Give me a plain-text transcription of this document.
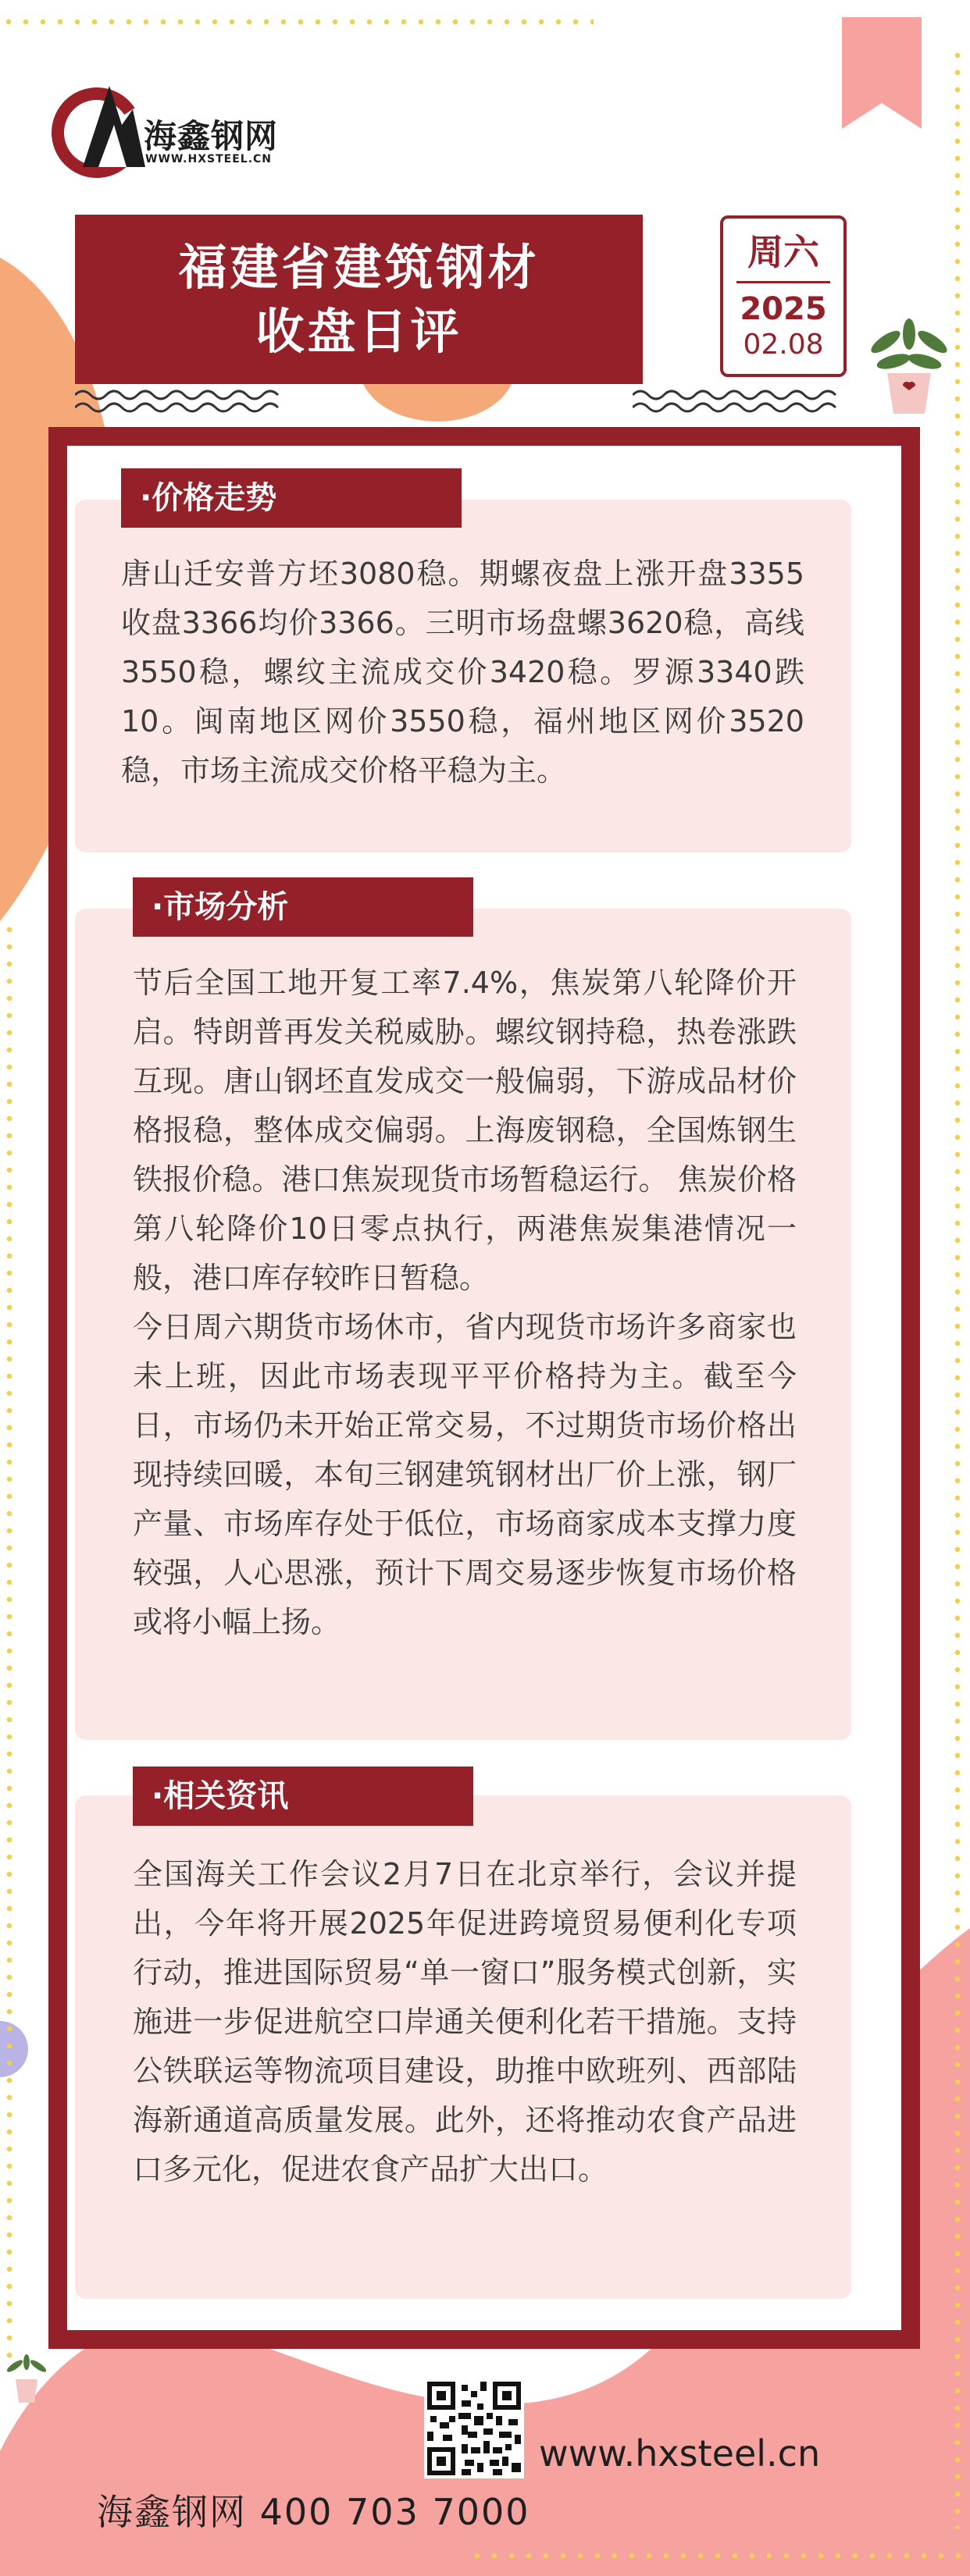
海鑫钢网
WWW.HXSTEEL.CN
福建省建筑钢材
收盘日评
周六
2025
02.08
·价格走势
唐山迁安普方坯3080稳。期螺夜盘上涨开盘3355收盘3366均价3366。三明市场盘螺3620稳，高线3550稳，螺纹主流成交价3420稳。罗源3340跌10。闽南地区网价3550稳，福州地区网价3520稳，市场主流成交价格平稳为主。
·市场分析
节后全国工地开复工率7.4%，焦炭第八轮降价开启。特朗普再发关税威胁。螺纹钢持稳，热卷涨跌互现。唐山钢坯直发成交一般偏弱，下游成品材价格报稳，整体成交偏弱。上海废钢稳，全国炼钢生铁报价稳。港口焦炭现货市场暂稳运行。 焦炭价格第八轮降价10日零点执行，两港焦炭集港情况一般，港口库存较昨日暂稳。
今日周六期货市场休市，省内现货市场许多商家也未上班，因此市场表现平平价格持为主。截至今日，市场仍未开始正常交易，不过期货市场价格出现持续回暖，本旬三钢建筑钢材出厂价上涨，钢厂产量、市场库存处于低位，市场商家成本支撑力度较强，人心思涨，预计下周交易逐步恢复市场价格或将小幅上扬。
·相关资讯
全国海关工作会议2月7日在北京举行，会议并提出，今年将开展2025年促进跨境贸易便利化专项行动，推进国际贸易“单一窗口”服务模式创新，实施进一步促进航空口岸通关便利化若干措施。支持公铁联运等物流项目建设，助推中欧班列、西部陆海新通道高质量发展。此外，还将推动农食产品进口多元化，促进农食产品扩大出口。
www.hxsteel.cn
海鑫钢网 400 703 7000
